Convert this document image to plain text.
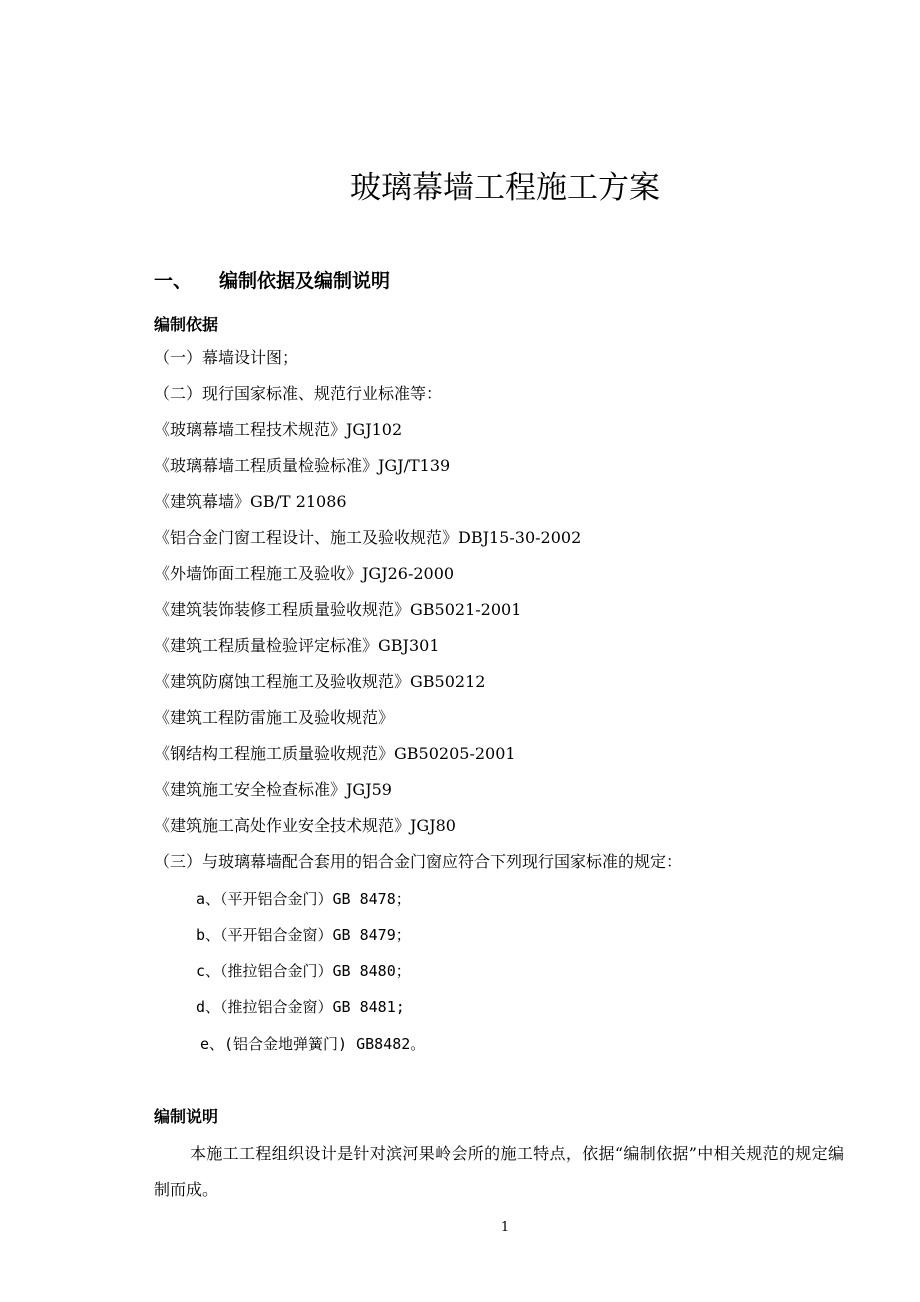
玻璃幕墙工程施工方案
一、 编制依据及编制说明
编制依据
（一）幕墙设计图；
（二）现行国家标准、规范行业标准等：
《玻璃幕墙工程技术规范》JGJ102
《玻璃幕墙工程质量检验标准》JGJ/T139
《建筑幕墙》GB/T 21086
《铝合金门窗工程设计、施工及验收规范》DBJ15-30-2002
《外墙饰面工程施工及验收》JGJ26-2000
《建筑装饰装修工程质量验收规范》GB5021-2001
《建筑工程质量检验评定标准》GBJ301
《建筑防腐蚀工程施工及验收规范》GB50212
《建筑工程防雷施工及验收规范》
《钢结构工程施工质量验收规范》GB50205-2001
《建筑施工安全检查标准》JGJ59
《建筑施工高处作业安全技术规范》JGJ80
（三）与玻璃幕墙配合套用的铝合金门窗应符合下列现行国家标准的规定：
a、（平开铝合金门）GB 8478；
b、（平开铝合金窗）GB 8479；
c、（推拉铝合金门）GB 8480；
d、（推拉铝合金窗）GB 8481;
e、(铝合金地弹簧门) GB8482。
编制说明
本施工工程组织设计是针对滨河果岭会所的施工特点，依据“编制依据”中相关规范的规定编制而成。
1
